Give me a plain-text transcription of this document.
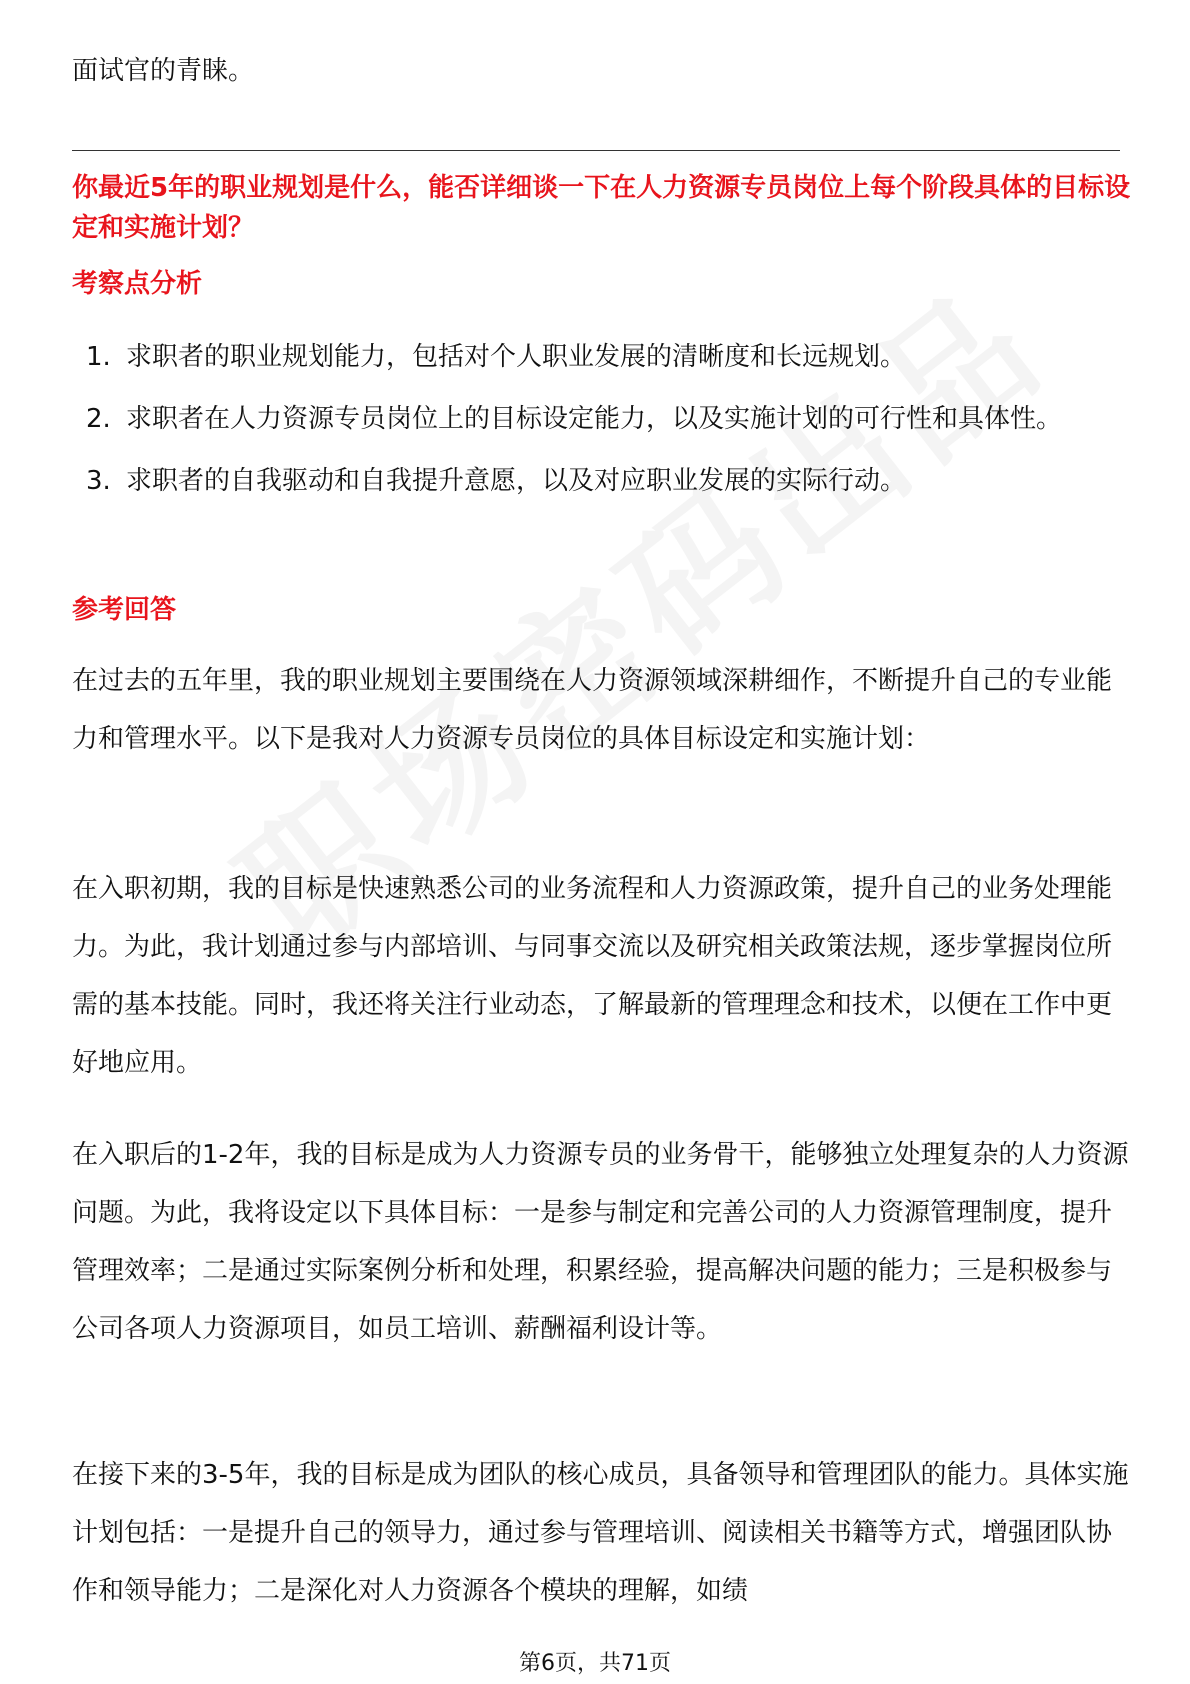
面试官的青睐。

你最近5年的职业规划是什么，能否详细谈一下在人力资源专员岗位上每个阶段具体的目标设定和实施计划？

考察点分析
1. 求职者的职业规划能力，包括对个人职业发展的清晰度和长远规划。
2. 求职者在人力资源专员岗位上的目标设定能力，以及实施计划的可行性和具体性。
3. 求职者的自我驱动和自我提升意愿，以及对应职业发展的实际行动。
参考回答

在过去的五年里，我的职业规划主要围绕在人力资源领域深耕细作，不断提升自己的专业能力和管理水平。以下是我对人力资源专员岗位的具体目标设定和实施计划：

在入职初期，我的目标是快速熟悉公司的业务流程和人力资源政策，提升自己的业务处理能力。为此，我计划通过参与内部培训、与同事交流以及研究相关政策法规，逐步掌握岗位所需的基本技能。同时，我还将关注行业动态，了解最新的管理理念和技术，以便在工作中更好地应用。

在入职后的1-2年，我的目标是成为人力资源专员的业务骨干，能够独立处理复杂的人力资源问题。为此，我将设定以下具体目标：一是参与制定和完善公司的人力资源管理制度，提升管理效率；二是通过实际案例分析和处理，积累经验，提高解决问题的能力；三是积极参与公司各项人力资源项目，如员工培训、薪酬福利设计等。

在接下来的3-5年，我的目标是成为团队的核心成员，具备领导和管理团队的能力。具体实施计划包括：一是提升自己的领导力，通过参与管理培训、阅读相关书籍等方式，增强团队协作和领导能力；二是深化对人力资源各个模块的理解，如绩

第6页，共71页
